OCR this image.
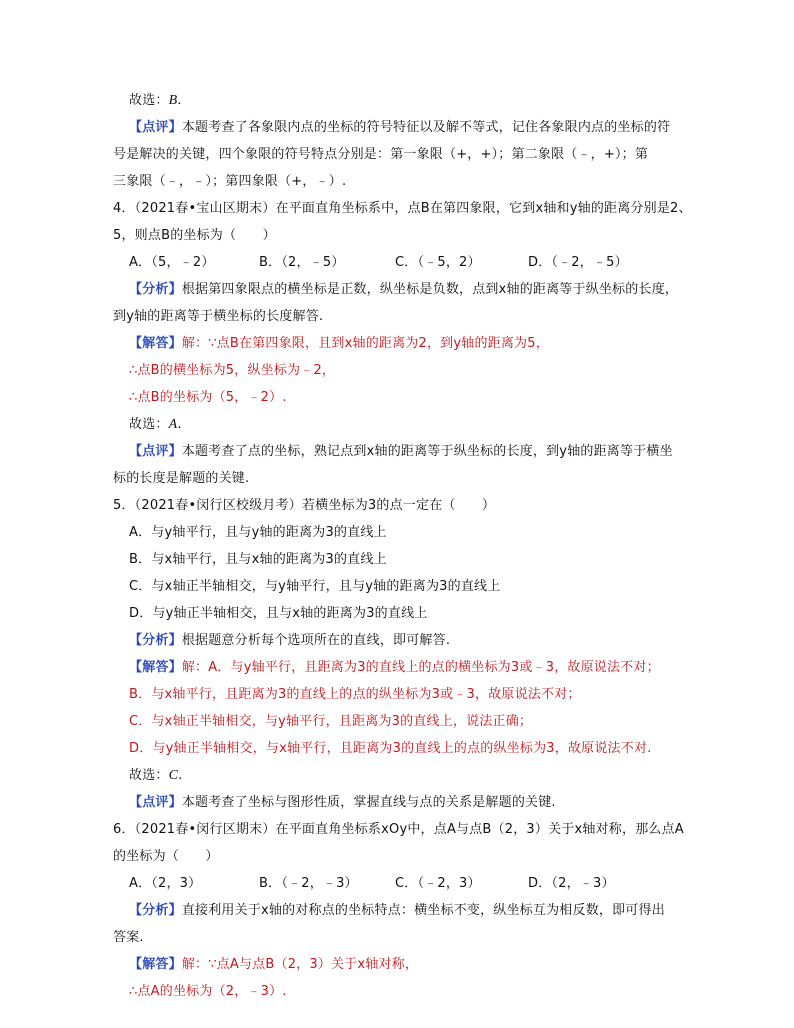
故选：B.
【点评】本题考查了各象限内点的坐标的符号特征以及解不等式，记住各象限内点的坐标的符
号是解决的关键，四个象限的符号特点分别是：第一象限（+，+）；第二象限（﹣，+）；第
三象限（﹣，﹣）；第四象限（+，﹣）.
4．（2021春•宝山区期末）在平面直角坐标系中，点B在第四象限，它到x轴和y轴的距离分别是2、
5，则点B的坐标为（　　）
A．（5，﹣2）	B．（2，﹣5）	C．（﹣5，2）	D．（﹣2，﹣5）
【分析】根据第四象限点的横坐标是正数，纵坐标是负数，点到x轴的距离等于纵坐标的长度，
到y轴的距离等于横坐标的长度解答.
【解答】解：∵点B在第四象限，且到x轴的距离为2，到y轴的距离为5，
∴点B的横坐标为5，纵坐标为﹣2，
∴点B的坐标为（5，﹣2）.
故选：A.
【点评】本题考查了点的坐标，熟记点到x轴的距离等于纵坐标的长度，到y轴的距离等于横坐
标的长度是解题的关键.
5．（2021春•闵行区校级月考）若横坐标为3的点一定在（　　）
A．与y轴平行，且与y轴的距离为3的直线上
B．与x轴平行，且与x轴的距离为3的直线上
C．与x轴正半轴相交，与y轴平行，且与y轴的距离为3的直线上
D．与y轴正半轴相交，且与x轴的距离为3的直线上
【分析】根据题意分析每个选项所在的直线，即可解答.
【解答】解：A．与y轴平行，且距离为3的直线上的点的横坐标为3或﹣3，故原说法不对；
B．与x轴平行，且距离为3的直线上的点的纵坐标为3或﹣3，故原说法不对；
C．与x轴正半轴相交，与y轴平行，且距离为3的直线上，说法正确；
D．与y轴正半轴相交，与x轴平行，且距离为3的直线上的点的纵坐标为3，故原说法不对.
故选：C.
【点评】本题考查了坐标与图形性质，掌握直线与点的关系是解题的关键.
6．（2021春•闵行区期末）在平面直角坐标系xOy中，点A与点B（2，3）关于x轴对称，那么点A
的坐标为（　　）
A．（2，3）	B．（﹣2，﹣3）	C．（﹣2，3）	D．（2，﹣3）
【分析】直接利用关于x轴的对称点的坐标特点：横坐标不变，纵坐标互为相反数，即可得出
答案.
【解答】解：∵点A与点B（2，3）关于x轴对称，
∴点A的坐标为（2，﹣3）.
